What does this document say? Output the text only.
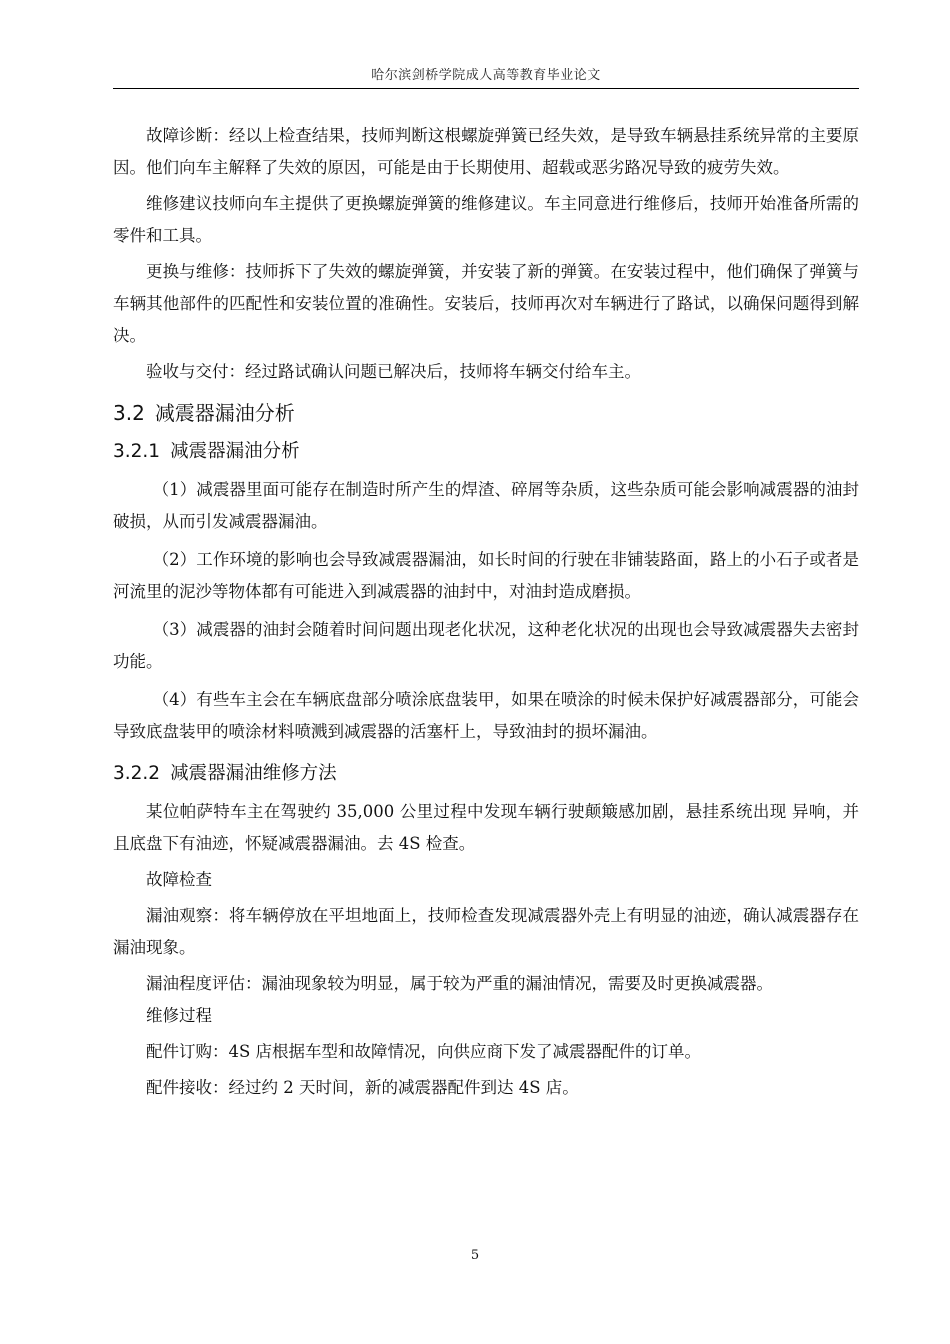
哈尔滨剑桥学院成人高等教育毕业论文

故障诊断：经以上检查结果，技师判断这根螺旋弹簧已经失效，是导致车辆悬挂系统异常的主要原因。他们向车主解释了失效的原因，可能是由于长期使用、超载或恶劣路况导致的疲劳失效。

维修建议技师向车主提供了更换螺旋弹簧的维修建议。车主同意进行维修后，技师开始准备所需的零件和工具。

更换与维修：技师拆下了失效的螺旋弹簧，并安装了新的弹簧。在安装过程中，他们确保了弹簧与车辆其他部件的匹配性和安装位置的准确性。安装后，技师再次对车辆进行了路试，以确保问题得到解决。

验收与交付：经过路试确认问题已解决后，技师将车辆交付给车主。

3.2 减震器漏油分析
3.2.1 减震器漏油分析

（1）减震器里面可能存在制造时所产生的焊渣、碎屑等杂质，这些杂质可能会影响减震器的油封破损，从而引发减震器漏油。

（2）工作环境的影响也会导致减震器漏油，如长时间的行驶在非铺装路面，路上的小石子或者是河流里的泥沙等物体都有可能进入到减震器的油封中，对油封造成磨损。

（3）减震器的油封会随着时间问题出现老化状况，这种老化状况的出现也会导致减震器失去密封功能。

（4）有些车主会在车辆底盘部分喷涂底盘装甲，如果在喷涂的时候未保护好减震器部分，可能会导致底盘装甲的喷涂材料喷溅到减震器的活塞杆上，导致油封的损坏漏油。

3.2.2 减震器漏油维修方法

某位帕萨特车主在驾驶约 35,000 公里过程中发现车辆行驶颠簸感加剧，悬挂系统出现 异响，并且底盘下有油迹，怀疑减震器漏油。去 4S 检查。

故障检查

漏油观察：将车辆停放在平坦地面上，技师检查发现减震器外壳上有明显的油迹，确认减震器存在漏油现象。

漏油程度评估：漏油现象较为明显，属于较为严重的漏油情况，需要及时更换减震器。

维修过程

配件订购：4S 店根据车型和故障情况，向供应商下发了减震器配件的订单。

配件接收：经过约 2 天时间，新的减震器配件到达 4S 店。

5
